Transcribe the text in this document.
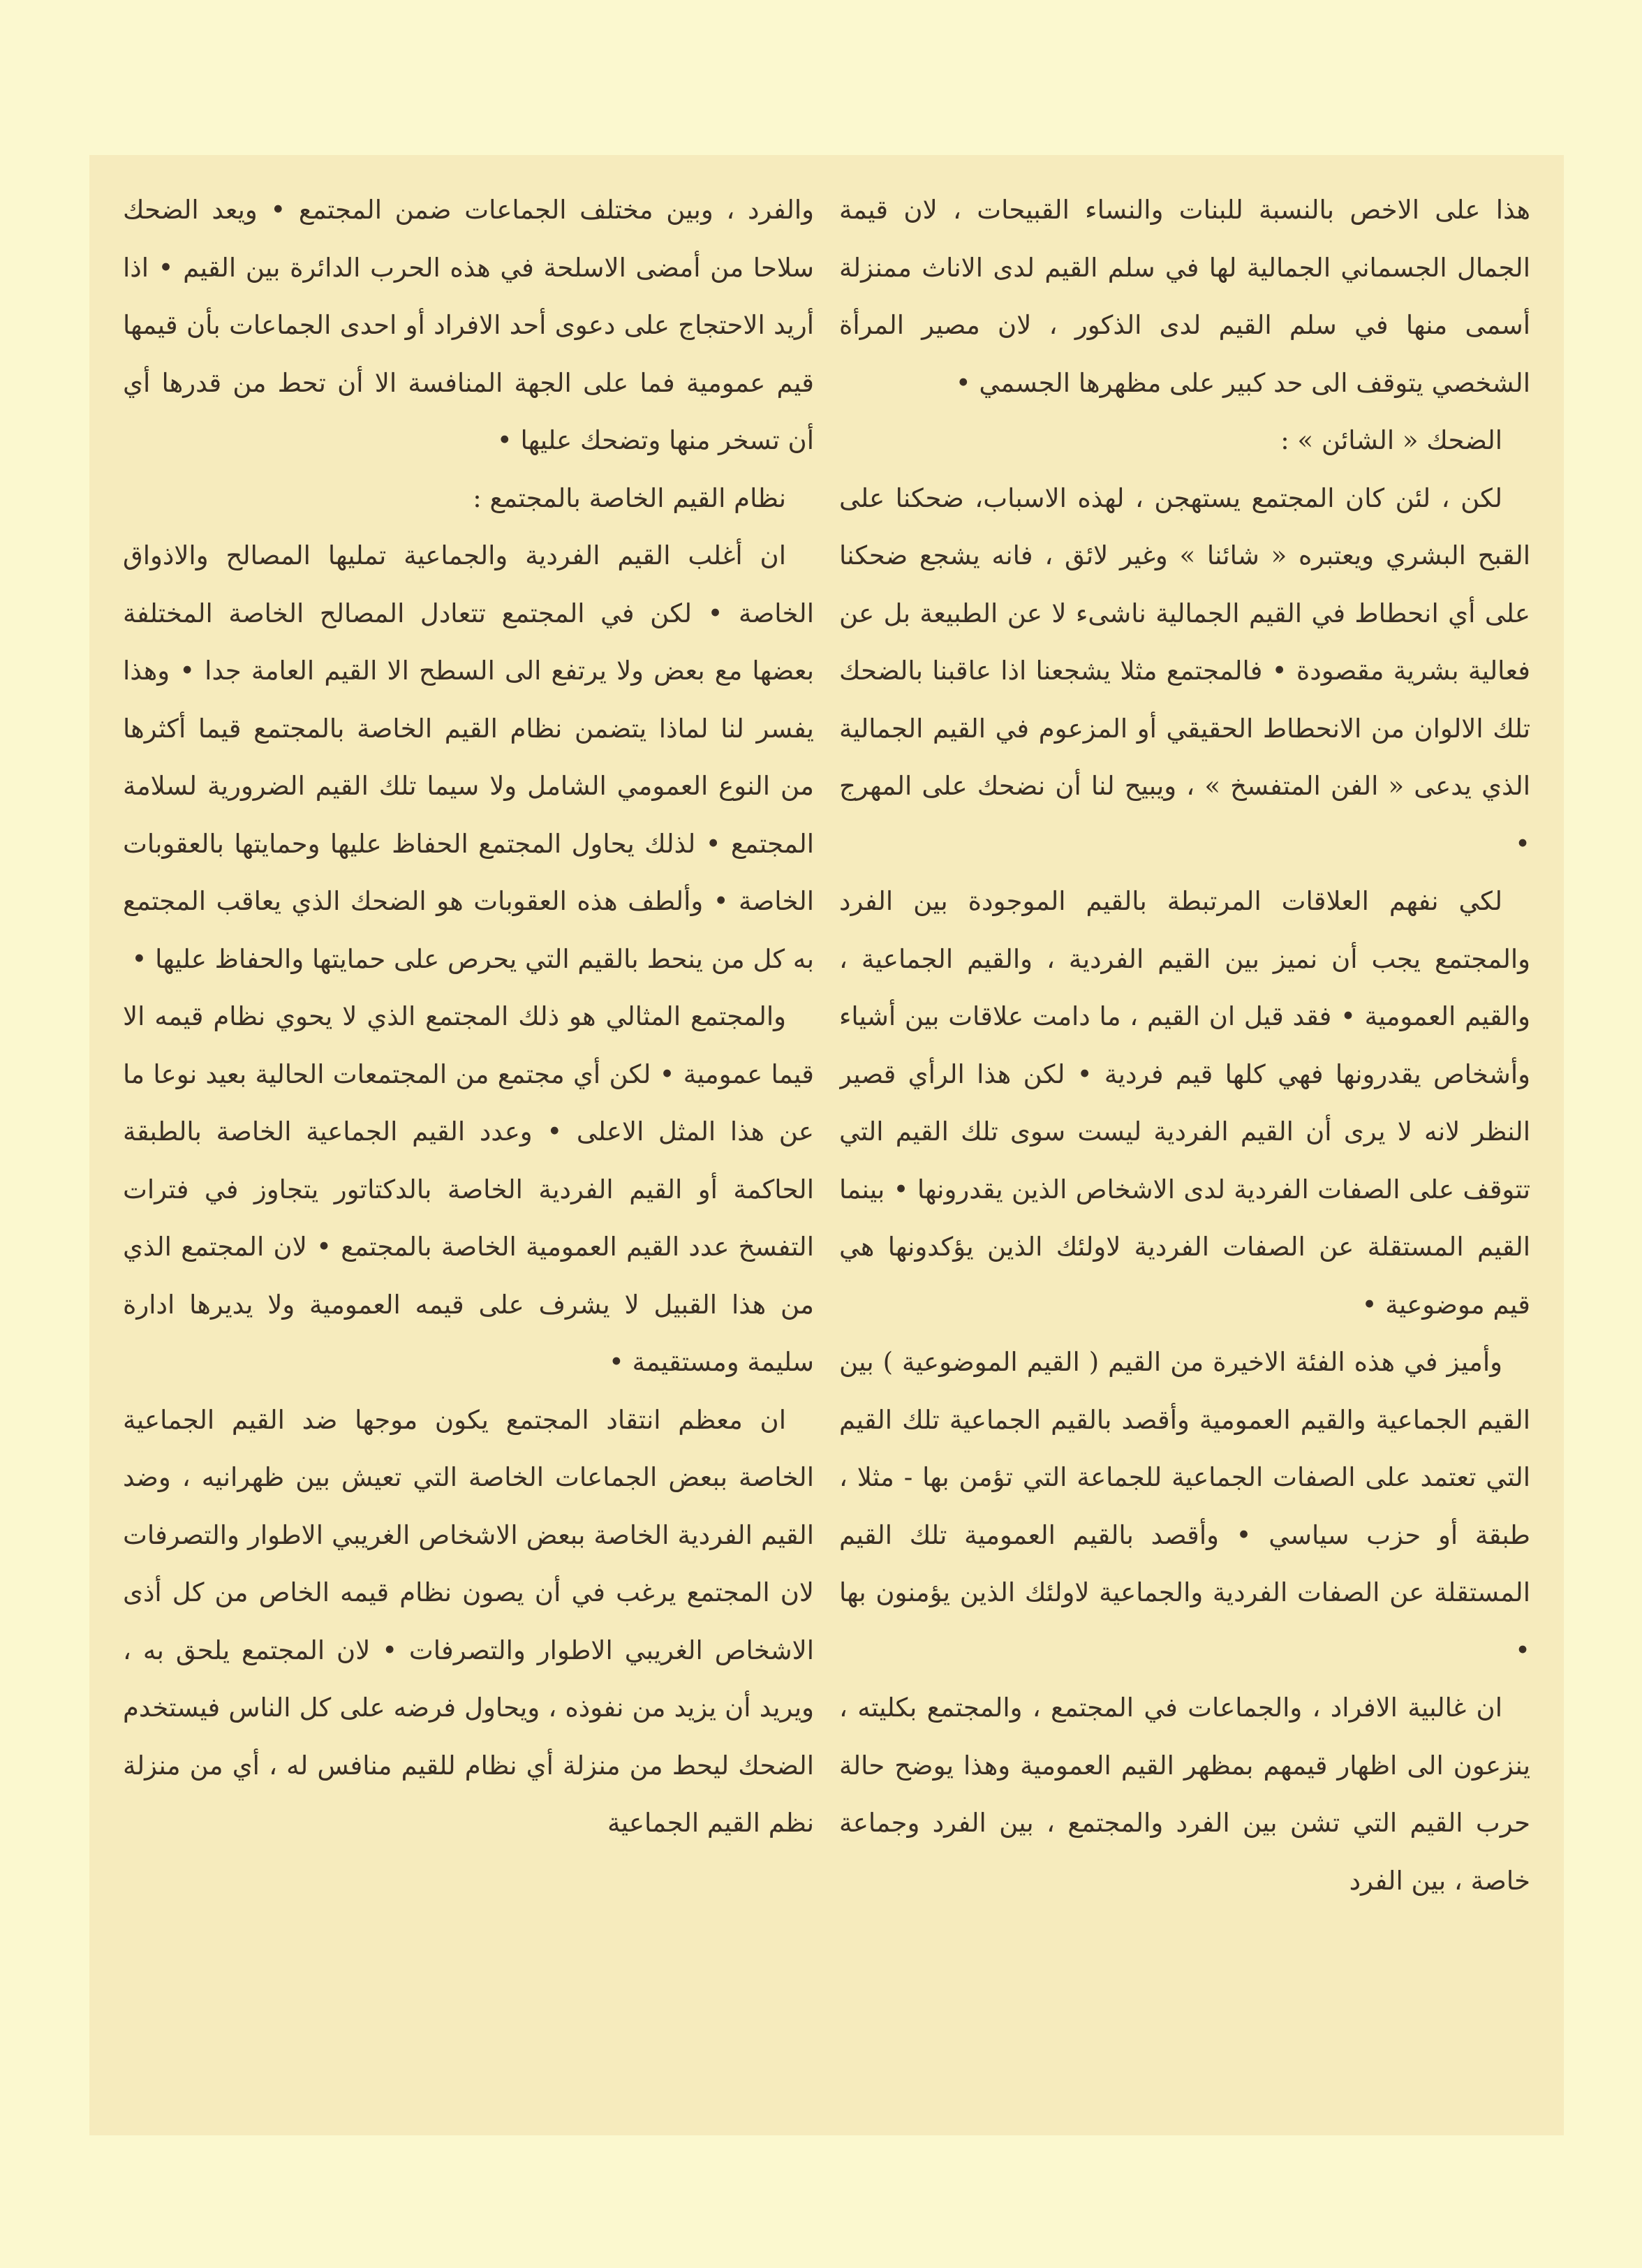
هذا على الاخص بالنسبة للبنات والنساء القبيحات ، لان قيمة الجمال الجسماني الجمالية لها في سلم القيم لدى الاناث ممنزلة أسمى منها في سلم القيم لدى الذكور ، لان مصير المرأة الشخصي يتوقف الى حد كبير على مظهرها الجسمي •

الضحك « الشائن » :

لكن ، لئن كان المجتمع يستهجن ، لهذه الاسباب، ضحكنا على القبح البشري ويعتبره « شائنا » وغير لائق ، فانه يشجع ضحكنا على أي انحطاط في القيم الجمالية ناشىء لا عن الطبيعة بل عن فعالية بشرية مقصودة • فالمجتمع مثلا يشجعنا اذا عاقبنا بالضحك تلك الالوان من الانحطاط الحقيقي أو المزعوم في القيم الجمالية الذي يدعى « الفن المتفسخ » ، ويبيح لنا أن نضحك على المهرج •

لكي نفهم العلاقات المرتبطة بالقيم الموجودة بين الفرد والمجتمع يجب أن نميز بين القيم الفردية ، والقيم الجماعية ، والقيم العمومية • فقد قيل ان القيم ، ما دامت علاقات بين أشياء وأشخاص يقدرونها فهي كلها قيم فردية • لكن هذا الرأي قصير النظر لانه لا يرى أن القيم الفردية ليست سوى تلك القيم التي تتوقف على الصفات الفردية لدى الاشخاص الذين يقدرونها • بينما القيم المستقلة عن الصفات الفردية لاولئك الذين يؤكدونها هي قيم موضوعية •

وأميز في هذه الفئة الاخيرة من القيم ( القيم الموضوعية ) بين القيم الجماعية والقيم العمومية وأقصد بالقيم الجماعية تلك القيم التي تعتمد على الصفات الجماعية للجماعة التي تؤمن بها - مثلا ، طبقة أو حزب سياسي • وأقصد بالقيم العمومية تلك القيم المستقلة عن الصفات الفردية والجماعية لاولئك الذين يؤمنون بها •

ان غالبية الافراد ، والجماعات في المجتمع ، والمجتمع بكليته ، ينزعون الى اظهار قيمهم بمظهر القيم العمومية وهذا يوضح حالة حرب القيم التي تشن بين الفرد والمجتمع ، بين الفرد وجماعة خاصة ، بين الفرد

والفرد ، وبين مختلف الجماعات ضمن المجتمع • ويعد الضحك سلاحا من أمضى الاسلحة في هذه الحرب الدائرة بين القيم • اذا أريد الاحتجاج على دعوى أحد الافراد أو احدى الجماعات بأن قيمها قيم عمومية فما على الجهة المنافسة الا أن تحط من قدرها أي أن تسخر منها وتضحك عليها •

نظام القيم الخاصة بالمجتمع :

ان أغلب القيم الفردية والجماعية تمليها المصالح والاذواق الخاصة • لكن في المجتمع تتعادل المصالح الخاصة المختلفة بعضها مع بعض ولا يرتفع الى السطح الا القيم العامة جدا • وهذا يفسر لنا لماذا يتضمن نظام القيم الخاصة بالمجتمع قيما أكثرها من النوع العمومي الشامل ولا سيما تلك القيم الضرورية لسلامة المجتمع • لذلك يحاول المجتمع الحفاظ عليها وحمايتها بالعقوبات الخاصة • وألطف هذه العقوبات هو الضحك الذي يعاقب المجتمع به كل من ينحط بالقيم التي يحرص على حمايتها والحفاظ عليها •

والمجتمع المثالي هو ذلك المجتمع الذي لا يحوي نظام قيمه الا قيما عمومية • لكن أي مجتمع من المجتمعات الحالية بعيد نوعا ما عن هذا المثل الاعلى • وعدد القيم الجماعية الخاصة بالطبقة الحاكمة أو القيم الفردية الخاصة بالدكتاتور يتجاوز في فترات التفسخ عدد القيم العمومية الخاصة بالمجتمع • لان المجتمع الذي من هذا القبيل لا يشرف على قيمه العمومية ولا يديرها ادارة سليمة ومستقيمة •

ان معظم انتقاد المجتمع يكون موجها ضد القيم الجماعية الخاصة ببعض الجماعات الخاصة التي تعيش بين ظهرانيه ، وضد القيم الفردية الخاصة ببعض الاشخاص الغريبي الاطوار والتصرفات لان المجتمع يرغب في أن يصون نظام قيمه الخاص من كل أذى الاشخاص الغريبي الاطوار والتصرفات • لان المجتمع يلحق به ، ويريد أن يزيد من نفوذه ، ويحاول فرضه على كل الناس فيستخدم الضحك ليحط من منزلة أي نظام للقيم منافس له ، أي من منزلة نظم القيم الجماعية
